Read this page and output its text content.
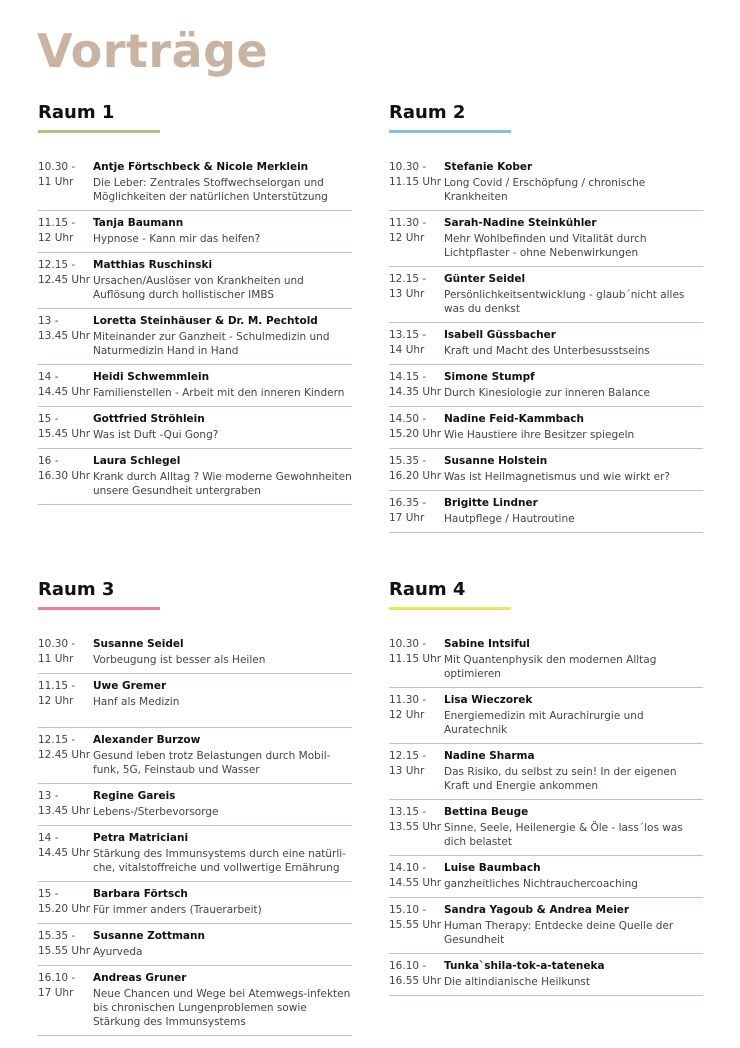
Vorträge
Raum 1
10.30 -
11 Uhr
Antje Förtschbeck & Nicole Merklein
Die Leber: Zentrales Stoffwechselorgan und Möglichkeiten der natürlichen Unterstützung
11.15 -
12 Uhr
Tanja Baumann
Hypnose - Kann mir das helfen?
12.15 -
12.45 Uhr
Matthias Ruschinski
Ursachen/Auslöser von Krankheiten und Auflösung durch hollistischer IMBS
13 -
13.45 Uhr
Loretta Steinhäuser & Dr. M. Pechtold
Miteinander zur Ganzheit - Schulmedizin und Naturmedizin Hand in Hand
14 -
14.45 Uhr
Heidi Schwemmlein
Familienstellen - Arbeit mit den inneren Kindern
15 -
15.45 Uhr
Gottfried Ströhlein
Was ist Duft -Qui Gong?
16 -
16.30 Uhr
Laura Schlegel
Krank durch Alltag ? Wie moderne Gewohnheiten unsere Gesundheit untergraben
Raum 2
10.30 -
11.15 Uhr
Stefanie Kober
Long Covid / Erschöpfung / chronische Krankheiten
11.30 -
12 Uhr
Sarah-Nadine Steinkühler
Mehr Wohlbefinden und Vitalität durch Lichtpflaster - ohne Nebenwirkungen
12.15 -
13 Uhr
Günter Seidel
Persönlichkeitsentwicklung - glaub´nicht alles was du denkst
13.15 -
14 Uhr
Isabell Güssbacher
Kraft und Macht des Unterbesusstseins
14.15 -
14.35 Uhr
Simone Stumpf
Durch Kinesiologie zur inneren Balance
14.50 -
15.20 Uhr
Nadine Feid-Kammbach
Wie Haustiere ihre Besitzer spiegeln
15.35 -
16.20 Uhr
Susanne Holstein
Was ist Heilmagnetismus und wie wirkt er?
16.35 -
17 Uhr
Brigitte Lindner
Hautpflege / Hautroutine
Raum 3
10.30 -
11 Uhr
Susanne Seidel
Vorbeugung ist besser als Heilen
11.15 -
12 Uhr
Uwe Gremer
Hanf als Medizin
12.15 -
12.45 Uhr
Alexander Burzow
Gesund leben trotz Belastungen durch Mobil-funk, 5G, Feinstaub und Wasser
13 -
13.45 Uhr
Regine Gareis
Lebens-/Sterbevorsorge
14 -
14.45 Uhr
Petra Matriciani
Stärkung des Immunsystems durch eine natürli-che, vitalstoffreiche und vollwertige Ernährung
15 -
15.20 Uhr
Barbara Förtsch
Für immer anders (Trauerarbeit)
15.35 -
15.55 Uhr
Susanne Zottmann
Ayurveda
16.10 -
17 Uhr
Andreas Gruner
Neue Chancen und Wege bei Atemwegs-infekten bis chronischen Lungenproblemen sowie Stärkung des Immunsystems
Raum 4
10.30 -
11.15 Uhr
Sabine Intsiful
Mit Quantenphysik den modernen Alltag optimieren
11.30 -
12 Uhr
Lisa Wieczorek
Energiemedizin mit Aurachirurgie und Auratechnik
12.15 -
13 Uhr
Nadine Sharma
Das Risiko, du selbst zu sein! In der eigenen Kraft und Energie ankommen
13.15 -
13.55 Uhr
Bettina Beuge
Sinne, Seele, Heilenergie & Öle - lass´los was dich belastet
14.10 -
14.55 Uhr
Luise Baumbach
ganzheitliches Nichtrauchercoaching
15.10 -
15.55 Uhr
Sandra Yagoub & Andrea Meier
Human Therapy: Entdecke deine Quelle der Gesundheit
16.10 -
16.55 Uhr
Tunka`shila-tok-a-tateneka
Die altindianische Heilkunst
